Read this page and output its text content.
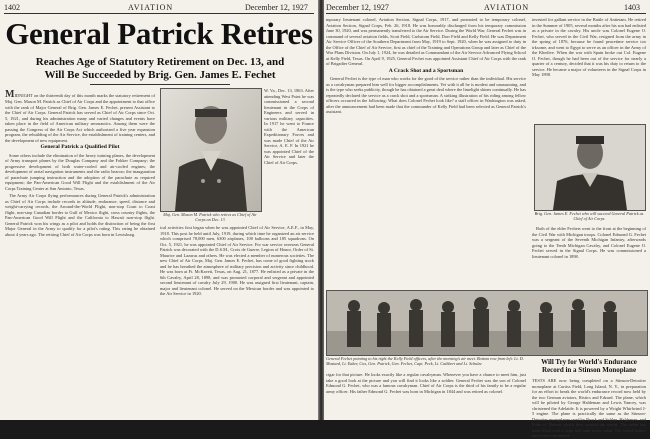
1402	AVIATION	December 12, 1927
General Patrick Retires
Reaches Age of Statutory Retirement on Dec. 13, and Will Be Succeeded by Brig. Gen. James E. Fechet

MIDNIGHT on the thirteenth day of this month marks the statutory retirement of Maj. Gen. Mason M. Patrick as Chief of Air Corps and the appointment to that office with the rank of Major General of Brig. Gen. James E. Fechet, present Assistant to the Chief of Air Corps. General Patrick has served as Chief of Air Corps since Oct. 5, 1921, and during his administration many and varied changes and events have taken place in the field of American military aeronautics. Among them were the passing the Congress of the Air Corps Act which authorized a five year expansion program, the rebuilding of the Air Service, the establishment of training centers, and the development of new equipment.

General Patrick a Qualified Pilot

Some others include the elimination of the heavy training planes, the development of Army transport planes by the Douglas Company and the Fokker Company; the progressive development of both water-cooled and air-cooled engines; the development of aerial navigation instruments and the radio beacon; the inauguration of parachute jumping instruction and the adoption of the parachute as required equipment; the Pan-American Good Will Flight and the establishment of the Air Corps Training Center at San Antonio, Texas.

The Army Air Corps flying performances during General Patrick's administration as Chief of Air Corps include records in altitude, endurance, speed, distance and weight-carrying records, the Around-the-World Flight, non-stop Coast to Coast flight, non-stop Canadian border to Gulf of Mexico flight, cross country flights, the Pan-American Good Will Flight and the California to Hawaii non-stop flight. General Patrick won his wings as a pilot and holds the distinction of being the first Major General in the Army to qualify for a pilot's rating. This rating he obtained about 4 years ago. The retiring Chief of Air Corps was born in Lewisburg.

Maj. Gen. Mason M. Patrick who retires as Chief of Air Corps on Dec. 13

W. Va., Dec. 13, 1863. After attending West Point he was commissioned a second lieutenant in the Corps of Engineers and served in various military capacities. In 1917 he went to France with the American Expeditionary Forces and was made Chief of the Air Service, A. E. F. In 1921 he was appointed Chief of the Air Service and later the Chief of Air Corps.

ical activities first began when he was appointed Chief of Air Service, A.E.F., in May, 1918. This post he held until July, 1919, during which time he organized an air service which comprised 78,000 men, 6300 airplanes, 100 balloons and 185 squadrons. On Oct. 5, 1921, he was appointed Chief of Air Service. For war service overseas General Patrick was decorated with the D.S.M., Croix de Guerre, Legion of Honor, Order of St. Maurice and Lazarus and others. He was elected a member of numerous societies. The new Chief of Air Corps, Maj. Gen. James E. Fechet, has come of good fighting stock and he has breathed the atmosphere of military precision and activity since childhood. He was born at Ft. McKavett, Texas, on Aug. 21, 1877. He enlisted as a private in the 6th Cavalry, April 28, 1898, and was promoted corporal and sergeant and appointed second lieutenant of cavalry July 29, 1900. He was assigned first lieutenant, captain, major and lieutenant colonel. He served on the Mexican border and was appointed to the Air Service in 1920.

December 12, 1927	AVIATION	1403

mporary lieutenant colonel, Aviation Section, Signal Corps, 1917, and promoted to be temporary colonel, Aviation Section, Signal Corps, Feb. 26, 1918. He was honorably discharged from his temporary commission June 30, 1920, and was permanently transferred to the Air Service. During the World War, General Fechet was in command of several aviation fields, Scott Field, Carlstrom Field, Dorr Field and Kelly Field. He was Department Air Service Officer of the Southern Department from May, 1919 to Sept. 1920, when he was assigned to duty in the Office of the Chief of Air Service, first as chief of the Training and Operations Group and later as Chief of the War Plans Division. On July 1, 1924, he was detailed as Commandant of the Air Service Advanced Flying School at Kelly Field, Texas. On April 9, 1925, General Fechet was appointed Assistant Chief of Air Corps with the rank of Brigadier General.

A Crack Shot and a Sportsman

General Fechet is the type of man who works for the good of the service rather than the individual. His service as a cavalryman prepared him well for bigger accomplishments. Yet with it all he is modest and unassuming, and is the type who seeks publicity, though he has obtained a great deal where the limelight shines continually. He has repeatedly declared the service as a crack shot and a sportsman. A striking illustration of his riding among fellow officers occurred in the following: What does Colonel Fechet look like? a staff officer in Washington was asked, after the announcement had been made that the commander of Kelly Field had been selected as General Patrick's assistant.

invested for gallant service in the Battle of Antietam. He retired in the Summer of 1905, several months after his son had enlisted as a private in the cavalry. His uncle was Colonel Eugene O. Fechet, who served in the Civil War, resigned from the army in the spring of 1876, because he found peacetime service too irksome, and went to Egypt to serve as an officer in the Army of the Khedive. When the war with Spain broke out Col. Eugene O. Fechet, though he had been out of the service for nearly a quarter of a century, decided that it was his duty to return to the service. He became a major of volunteers in the Signal Corps in May 1898.

Brig. Gen. James E. Fechet who will succeed General Patrick as Chief of Air Corps

Both of the elder Fechets went to the front at the beginning of the Civil War with Michigan troops. Colonel Edmond G. Fechet was a sergeant of the Seventh Michigan Infantry, afterwards going to the Tenth Michigan Cavalry, and Colonel Eugene O. Fechet served in the Signal Corps. He was commissioned a lieutenant colonel in 1898.

General Fechet pointing to his right the Kelly Field officers, after the morning's air meet. Bottom row from left: Lt. D. Mustard, Lt. Eaker, Cox, Gen. Patrick, Gen. Fechet, Capt. Peck, Lt. Cuthbert and Lt. Schulze

cigar for that picture. He looks exactly like a regular cavalryman. Whenever you have a chance to meet him, just take a good look at the picture and you will find it looks like a soldier. General Fechet was the son of Colonel Edmond G. Fechet, who was a famous cavalryman. Chief of Air Corps is the third of his family to be a regular army officer. His father Edmond G. Fechet was born in Michigan in 1844 and was retired as colonel.

Will Try for World's Endurance Record in a Stinson Monoplane

TESTS ARE now being completed on a Stinson-Detroiter monoplane at Curtiss Field, Long Island, N. Y., in preparation for an effort to break the world's endurance record now held by the two German aviators, Ristics and Edzard. The plane, which will be piloted by George Haldeman and Lewis Yancey, was christened the Adelaide. It is powered by a Wright Whirlwind J-5 engine. The plane is practically the same as the Stinson-Detroiter monoplanes used by Brock and Schlee, Haldeman, and Pride of Detroit which flew around the world. The cabin has been fitted with a large fuel tank in the cabin. The wheel brakes have been eliminated.
